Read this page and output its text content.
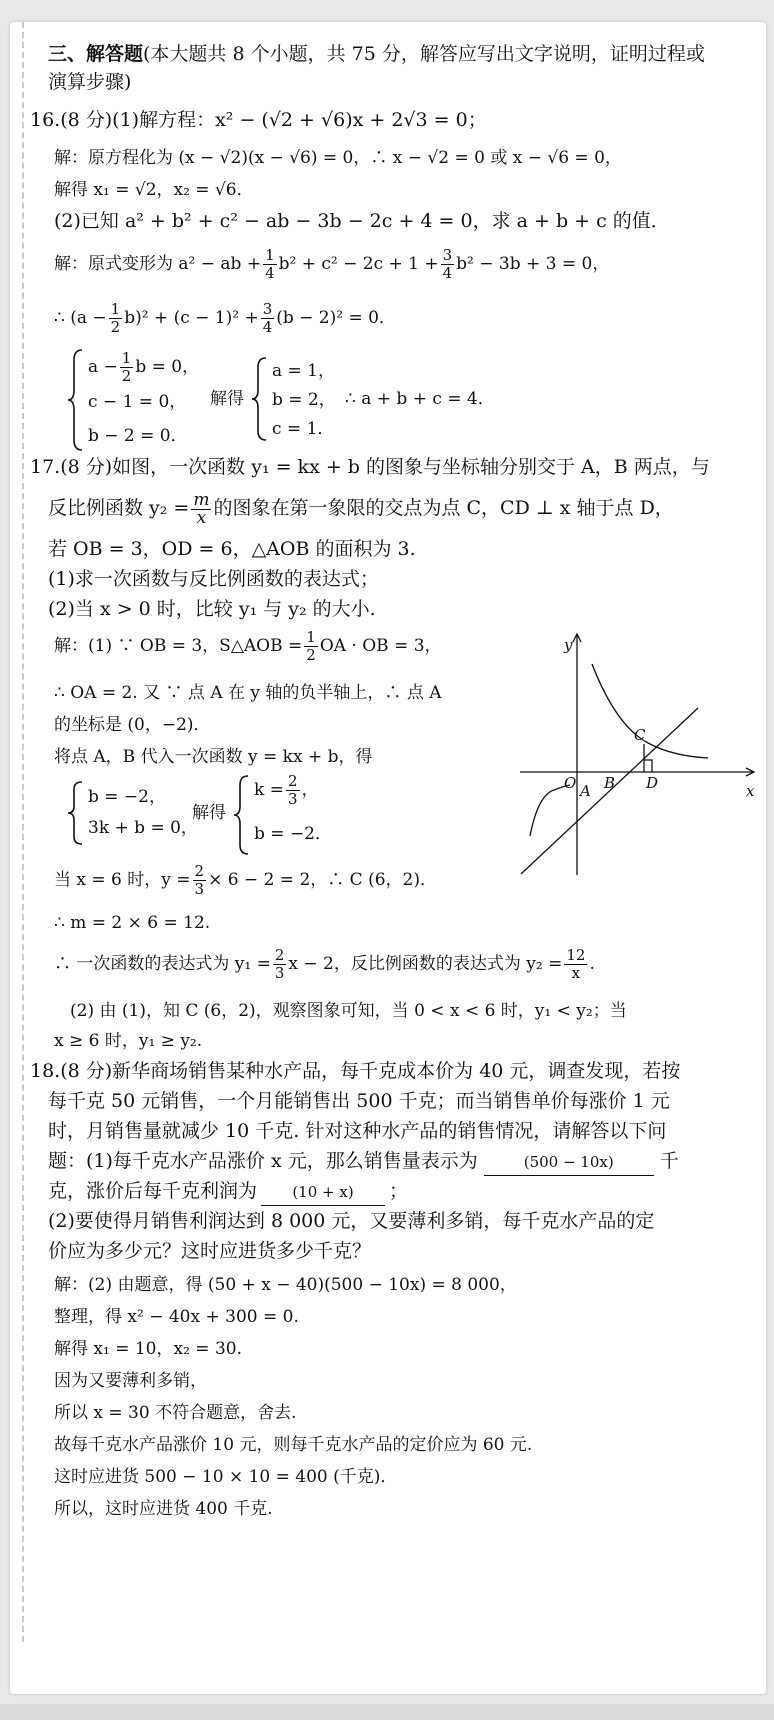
三、解答题(本大题共 8 个小题，共 75 分，解答应写出文字说明，证明过程或
演算步骤)
16.(8 分)(1)解方程：x² − (√2 + √6)x + 2√3 = 0；
解：原方程化为 (x − √2)(x − √6) = 0，∴ x − √2 = 0 或 x − √6 = 0，
解得 x₁ = √2，x₂ = √6．
(2)已知 a² + b² + c² − ab − 3b − 2c + 4 = 0，求 a + b + c 的值．
解：原式变形为 a² − ab + $\frac{1}{4} b^2 + c^2 - 2c + 1 + \frac{3}{4} b^2 - 3b + 3 = 0$，
∴ $(a - \frac{1}{2} b)^2 + (c - 1)^2 + \frac{3}{4} (b - 2)^2 = 0$．
$a - \frac{1}{2}$ b = 0，
c − 1 = 0，
b − 2 = 0．
解得
a = 1，
b = 2，
c = 1．
∴ a + b + c = 4．
17.(8 分)如图，一次函数 y₁ = kx + b 的图象与坐标轴分别交于 A，B 两点，与
反比例函数 $y_2 = \frac{m}{x}$ 的图象在第一象限的交点为点 C，CD ⊥ x 轴于点 D，
若 OB = 3，OD = 6，△AOB 的面积为 3.
(1)求一次函数与反比例函数的表达式；
(2)当 x > 0 时，比较 y₁ 与 y₂ 的大小.
解：(1) ∵ OB = 3，S△AOB = $\frac{1}{2}$ OA · OB = 3，
∴ OA = 2. 又 ∵ 点 A 在 y 轴的负半轴上，∴ 点 A
的坐标是 (0，−2)．
将点 A，B 代入一次函数 y = kx + b，得
b = −2，
3k + b = 0，
解得
$k = \frac{2}{3}$ ，
b = −2．
当 x = 6 时，$y = \frac{2}{3} \times 6 - 2 = 2$，∴ C (6，2)．
∴ m = 2 × 6 = 12.
∴ 一次函数的表达式为 $y_1 = \frac{2}{3}$ x − 2，反比例函数的表达式为 $y_2 = \frac{12}{x}$ .
(2) 由 (1)，知 C (6，2)，观察图象可知，当 0 < x < 6 时，y₁ < y₂；当
x ≥ 6 时，y₁ ≥ y₂.
y
x
O A B
C
D
18.(8 分)新华商场销售某种水产品，每千克成本价为 40 元，调查发现，若按
每千克 50 元销售，一个月能销售出 500 千克；而当销售单价每涨价 1 元
时，月销售量就减少 10 千克. 针对这种水产品的销售情况，请解答以下问
题：(1)每千克水产品涨价 x 元，那么销售量表示为	(500 − 10x) 千
克，涨价后每千克利润为 (10 + x) ；
(2)要使得月销售利润达到 8 000 元，又要薄利多销，每千克水产品的定
价应为多少元？这时应进货多少千克？
解：(2) 由题意，得 (50 + x − 40)(500 − 10x) = 8 000，
整理，得 x² − 40x + 300 = 0.
解得 x₁ = 10，x₂ = 30.
因为又要薄利多销，
所以 x = 30 不符合题意，舍去.
故每千克水产品涨价 10 元，则每千克水产品的定价应为 60 元.
这时应进货 500 − 10 × 10 = 400 (千克)．
所以，这时应进货 400 千克.
